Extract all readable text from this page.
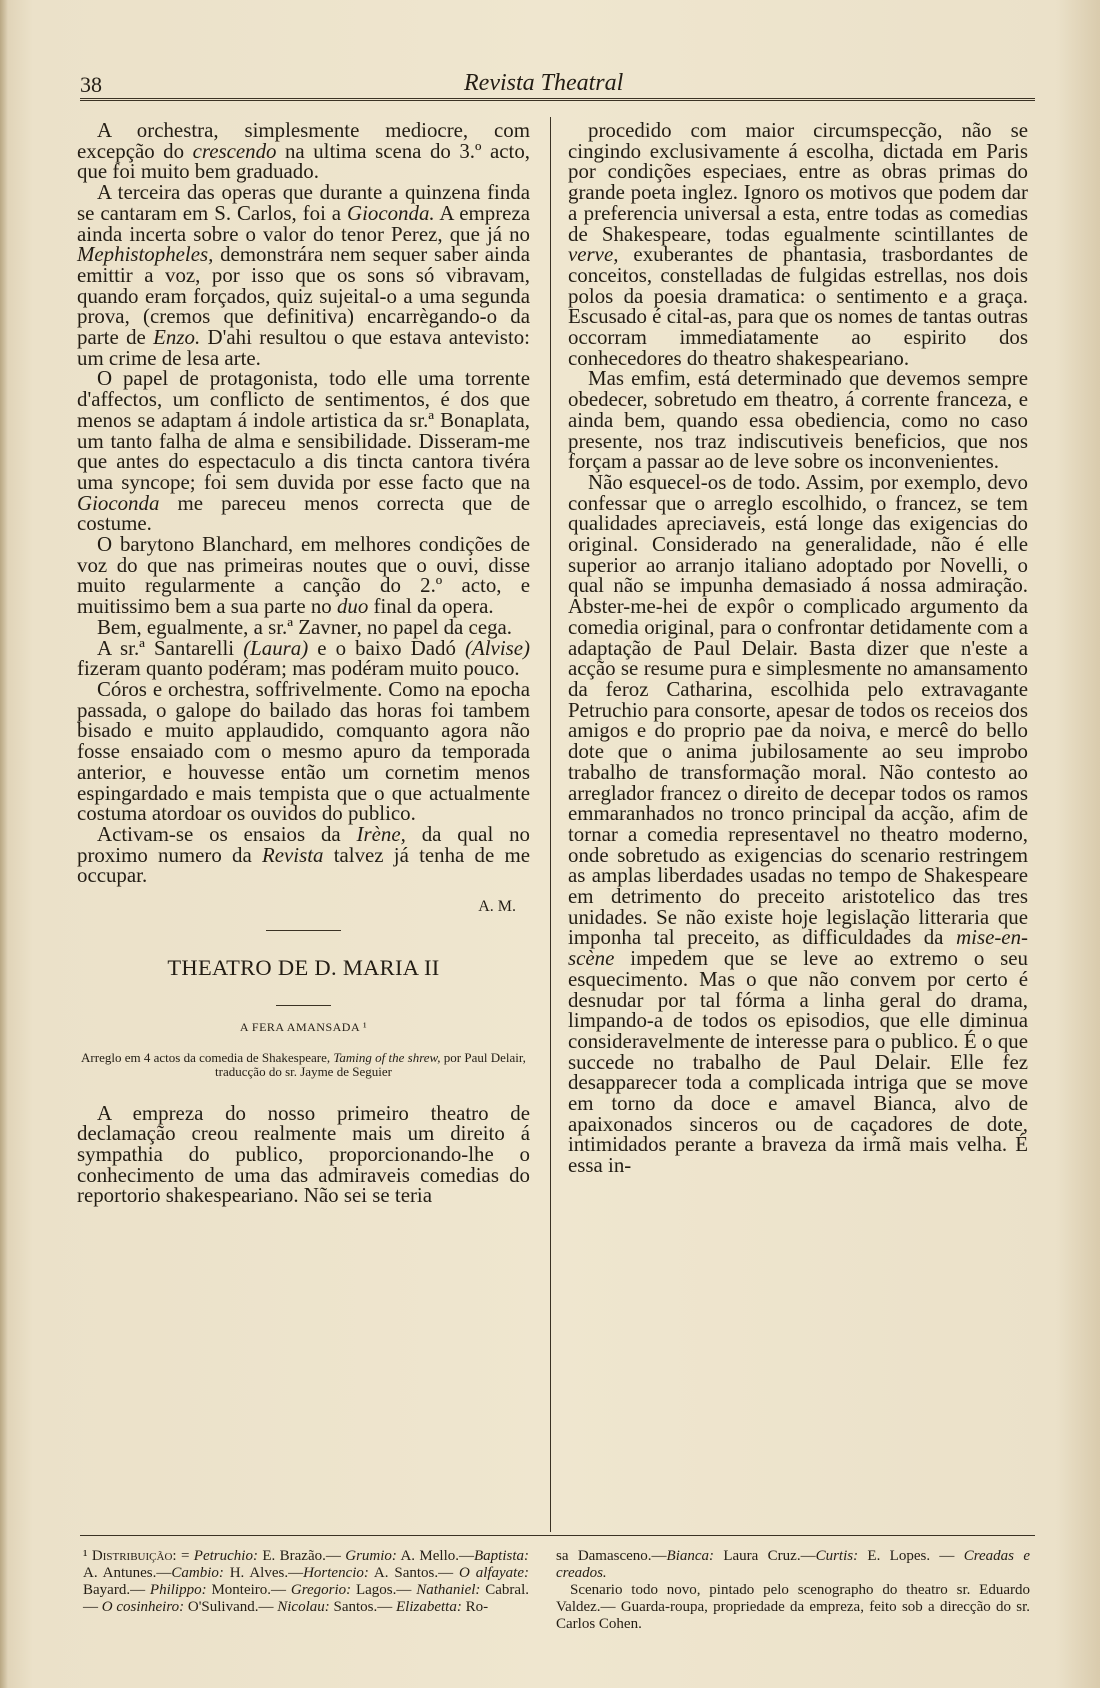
38	Revista Theatral

A orchestra, simplesmente mediocre, com excepção do crescendo na ultima scena do 3.º acto, que foi muito bem graduado.

A terceira das operas que durante a quinzena finda se cantaram em S. Carlos, foi a Gioconda. A empreza ainda incerta sobre o valor do tenor Perez, que já no Mephistopheles, demonstrára nem sequer saber ainda emittir a voz, por isso que os sons só vibravam, quando eram forçados, quiz sujeital-o a uma segunda prova, (cremos que definitiva) encarrègando-o da parte de Enzo. D'ahi resultou o que estava antevisto: um crime de lesa arte.

O papel de protagonista, todo elle uma torrente d'affectos, um conflicto de sentimentos, é dos que menos se adaptam á indole artistica da sr.ª Bonaplata, um tanto falha de alma e sensibilidade. Disseram-me que antes do espectaculo a dis tincta cantora tivéra uma syncope; foi sem duvida por esse facto que na Gioconda me pareceu menos correcta que de costume.

O barytono Blanchard, em melhores condições de voz do que nas primeiras noutes que o ouvi, disse muito regularmente a canção do 2.º acto, e muitissimo bem a sua parte no duo final da opera.

Bem, egualmente, a sr.ª Zavner, no papel da cega.

A sr.ª Santarelli (Laura) e o baixo Dadó (Alvise) fizeram quanto podéram; mas podéram muito pouco.

Córos e orchestra, soffrivelmente. Como na epocha passada, o galope do bailado das horas foi tambem bisado e muito applaudido, comquanto agora não fosse ensaiado com o mesmo apuro da temporada anterior, e houvesse então um cornetim menos espingardado e mais tempista que o que actualmente costuma atordoar os ouvidos do publico.

Activam-se os ensaios da Irène, da qual no proximo numero da Revista talvez já tenha de me occupar.

A. M.
THEATRO DE D. MARIA II
A FERA AMANSADA ¹
Arreglo em 4 actos da comedia de Shakespeare, Taming of the shrew, por Paul Delair, traducção do sr. Jayme de Seguier

A empreza do nosso primeiro theatro de declamação creou realmente mais um direito á sympathia do publico, proporcionando-lhe o conhecimento de uma das admiraveis comedias do reportorio shakespeariano. Não sei se teria

procedido com maior circumspecção, não se cingindo exclusivamente á escolha, dictada em Paris por condições especiaes, entre as obras primas do grande poeta inglez. Ignoro os motivos que podem dar a preferencia universal a esta, entre todas as comedias de Shakespeare, todas egualmente scintillantes de verve, exuberantes de phantasia, trasbordantes de conceitos, constelladas de fulgidas estrellas, nos dois polos da poesia dramatica: o sentimento e a graça. Escusado é cital-as, para que os nomes de tantas outras occorram immediatamente ao espirito dos conhecedores do theatro shakespeariano.

Mas emfim, está determinado que devemos sempre obedecer, sobretudo em theatro, á corrente franceza, e ainda bem, quando essa obediencia, como no caso presente, nos traz indiscutiveis beneficios, que nos forçam a passar ao de leve sobre os inconvenientes.

Não esquecel-os de todo. Assim, por exemplo, devo confessar que o arreglo escolhido, o francez, se tem qualidades apreciaveis, está longe das exigencias do original. Considerado na generalidade, não é elle superior ao arranjo italiano adoptado por Novelli, o qual não se impunha demasiado á nossa admiração. Abster-me-hei de expôr o complicado argumento da comedia original, para o confrontar detidamente com a adaptação de Paul Delair. Basta dizer que n'este a acção se resume pura e simplesmente no amansamento da feroz Catharina, escolhida pelo extravagante Petruchio para consorte, apesar de todos os receios dos amigos e do proprio pae da noiva, e mercê do bello dote que o anima jubilosamente ao seu improbo trabalho de transformação moral. Não contesto ao arreglador francez o direito de decepar todos os ramos emmaranhados no tronco principal da acção, afim de tornar a comedia representavel no theatro moderno, onde sobretudo as exigencias do scenario restringem as amplas liberdades usadas no tempo de Shakespeare em detrimento do preceito aristotelico das tres unidades. Se não existe hoje legislação litteraria que imponha tal preceito, as difficuldades da mise-en-scène impedem que se leve ao extremo o seu esquecimento. Mas o que não convem por certo é desnudar por tal fórma a linha geral do drama, limpando-a de todos os episodios, que elle diminua consideravelmente de interesse para o publico. É o que succede no trabalho de Paul Delair. Elle fez desapparecer toda a complicada intriga que se move em torno da doce e amavel Bianca, alvo de apaixonados sinceros ou de caçadores de dote, intimidados perante a braveza da irmã mais velha. É essa in-

¹ Distribuição: = Petruchio: E. Brazão.— Grumio: A. Mello.—Baptista: A. Antunes.—Cambio: H. Alves.—Hortencio: A. Santos.— O alfayate: Bayard.— Philippo: Monteiro.— Gregorio: Lagos.— Nathaniel: Cabral.— O cosinheiro: O'Sulivand.— Nicolau: Santos.— Elizabetta: Ro-
sa Damasceno.—Bianca: Laura Cruz.—Curtis: E. Lopes. — Creadas e creados.
Scenario todo novo, pintado pelo scenographo do theatro sr. Eduardo Valdez.— Guarda-roupa, propriedade da empreza, feito sob a direcção do sr. Carlos Cohen.
